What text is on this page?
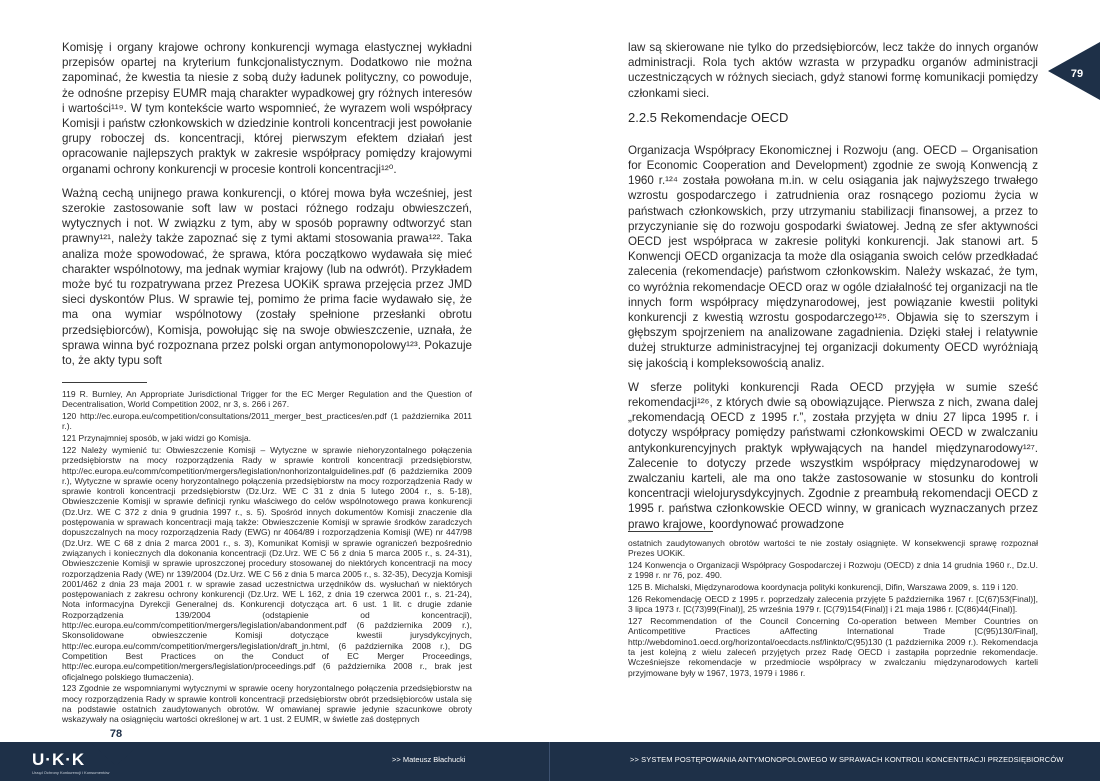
Komisję i organy krajowe ochrony konkurencji wymaga elastycznej wykładni przepisów opartej na kryterium funkcjonalistycznym. Dodatkowo nie można zapominać, że kwestia ta niesie z sobą duży ładunek polityczny, co powoduje, że odnośne przepisy EUMR mają charakter wypadkowej gry różnych interesów i wartości¹¹⁹. W tym kontekście warto wspomnieć, że wyrazem woli współpracy Komisji i państw członkowskich w dziedzinie kontroli koncentracji jest powołanie grupy roboczej ds. koncentracji, której pierwszym efektem działań jest opracowanie najlepszych praktyk w zakresie współpracy pomiędzy krajowymi organami ochrony konkurencji w procesie kontroli koncentracji¹²⁰.

Ważną cechą unijnego prawa konkurencji, o której mowa była wcześniej, jest szerokie zastosowanie soft law w postaci różnego rodzaju obwieszczeń, wytycznych i not. W związku z tym, aby w sposób poprawny odtworzyć stan prawny¹²¹, należy także zapoznać się z tymi aktami stosowania prawa¹²². Taka analiza może spowodować, że sprawa, która początkowo wydawała się mieć charakter wspólnotowy, ma jednak wymiar krajowy (lub na odwrót). Przykładem może być tu rozpatrywana przez Prezesa UOKiK sprawa przejęcia przez JMD sieci dyskontów Plus. W sprawie tej, pomimo że prima facie wydawało się, że ma ona wymiar wspólnotowy (zostały spełnione przesłanki obrotu przedsiębiorców), Komisja, powołując się na swoje obwieszczenie, uznała, że sprawa winna być rozpoznana przez polski organ antymonopolowy¹²³. Pokazuje to, że akty typu soft

119 R. Burnley, An Appropriate Jurisdictional Trigger for the EC Merger Regulation and the Question of Decentralisation, World Competition 2002, nr 3, s. 266 i 267.
120 http://ec.europa.eu/competition/consultations/2011_merger_best_practices/en.pdf (1 października 2011 r.).
121 Przynajmniej sposób, w jaki widzi go Komisja.
122 Należy wymienić tu: Obwieszczenie Komisji – Wytyczne w sprawie niehoryzontalnego połączenia przedsiębiorstw na mocy rozporządzenia Rady w sprawie kontroli koncentracji przedsiębiorstw, http://ec.europa.eu/comm/competition/mergers/legislation/nonhorizontalguidelines.pdf (6 października 2009 r.), Wytyczne w sprawie oceny horyzontalnego połączenia przedsiębiorstw na mocy rozporządzenia Rady w sprawie kontroli koncentracji przedsiębiorstw (Dz.Urz. WE C 31 z dnia 5 lutego 2004 r., s. 5-18), Obwieszczenie Komisji w sprawie definicji rynku właściwego do celów wspólnotowego prawa konkurencji (Dz.Urz. WE C 372 z dnia 9 grudnia 1997 r., s. 5). Spośród innych dokumentów Komisji znaczenie dla postępowania w sprawach koncentracji mają także: Obwieszczenie Komisji w sprawie środków zaradczych dopuszczalnych na mocy rozporządzenia Rady (EWG) nr 4064/89 i rozporządzenia Komisji (WE) nr 447/98 (Dz.Urz. WE C 68 z dnia 2 marca 2001 r., s. 3), Komunikat Komisji w sprawie ograniczeń bezpośrednio związanych i koniecznych dla dokonania koncentracji (Dz.Urz. WE C 56 z dnia 5 marca 2005 r., s. 24-31), Obwieszczenie Komisji w sprawie uproszczonej procedury stosowanej do niektórych koncentracji na mocy rozporządzenia Rady (WE) nr 139/2004 (Dz.Urz. WE C 56 z dnia 5 marca 2005 r., s. 32-35), Decyzja Komisji 2001/462 z dnia 23 maja 2001 r. w sprawie zasad uczestnictwa urzędników ds. wysłuchań w niektórych postępowaniach z zakresu ochrony konkurencji (Dz.Urz. WE L 162, z dnia 19 czerwca 2001 r., s. 21-24), Nota informacyjna Dyrekcji Generalnej ds. Konkurencji dotycząca art. 6 ust. 1 lit. c drugie zdanie Rozporządzenia 139/2004 (odstąpienie od koncentracji), http://ec.europa.eu/comm/competition/mergers/legislation/abandonment.pdf (6 października 2009 r.), Skonsolidowane obwieszczenie Komisji dotyczące kwestii jurysdykcyjnych, http://ec.europa.eu/comm/competition/mergers/legislation/draft_jn.html, (6 października 2008 r.), DG Competition Best Practices on the Conduct of EC Merger Proceedings, http://ec.europa.eu/competition/mergers/legislation/proceedings.pdf (6 października 2008 r., brak jest oficjalnego polskiego tłumaczenia).
123 Zgodnie ze wspomnianymi wytycznymi w sprawie oceny horyzontalnego połączenia przedsiębiorstw na mocy rozporządzenia Rady w sprawie kontroli koncentracji przedsiębiorstw obrót przedsiębiorców ustala się na podstawie ostatnich zaudytowanych obrotów. W omawianej sprawie jedynie szacunkowe obroty wskazywały na osiągnięciu wartości określonej w art. 1 ust. 2 EUMR, w świetle zaś dostępnych

law są skierowane nie tylko do przedsiębiorców, lecz także do innych organów administracji. Rola tych aktów wzrasta w przypadku organów administracji uczestniczących w różnych sieciach, gdyż stanowi formę komunikacji pomiędzy członkami sieci.

2.2.5 Rekomendacje OECD

Organizacja Współpracy Ekonomicznej i Rozwoju (ang. OECD – Organisation for Economic Cooperation and Development) zgodnie ze swoją Konwencją z 1960 r.¹²⁴ została powołana m.in. w celu osiągania jak najwyższego trwałego wzrostu gospodarczego i zatrudnienia oraz rosnącego poziomu życia w państwach członkowskich, przy utrzymaniu stabilizacji finansowej, a przez to przyczynianie się do rozwoju gospodarki światowej. Jedną ze sfer aktywności OECD jest współpraca w zakresie polityki konkurencji. Jak stanowi art. 5 Konwencji OECD organizacja ta może dla osiągania swoich celów przedkładać zalecenia (rekomendacje) państwom członkowskim. Należy wskazać, że tym, co wyróżnia rekomendacje OECD oraz w ogóle działalność tej organizacji na tle innych form współpracy międzynarodowej, jest powiązanie kwestii polityki konkurencji z kwestią wzrostu gospodarczego¹²⁵. Objawia się to szerszym i głębszym spojrzeniem na analizowane zagadnienia. Dzięki stałej i relatywnie dużej strukturze administracyjnej tej organizacji dokumenty OECD wyróżniają się jakością i kompleksowością analiz.

W sferze polityki konkurencji Rada OECD przyjęła w sumie sześć rekomendacji¹²⁶, z których dwie są obowiązujące. Pierwsza z nich, zwana dalej „rekomendacją OECD z 1995 r.”, została przyjęta w dniu 27 lipca 1995 r. i dotyczy współpracy pomiędzy państwami członkowskimi OECD w zwalczaniu antykonkurencyjnych praktyk wpływających na handel międzynarodowy¹²⁷. Zalecenie to dotyczy przede wszystkim współpracy międzynarodowej w zwalczaniu karteli, ale ma ono także zastosowanie w stosunku do kontroli koncentracji wielojurysdykcyjnych. Zgodnie z preambułą rekomendacji OECD z 1995 r. państwa członkowskie OECD winny, w granicach wyznaczanych przez prawo krajowe, koordynować prowadzone

ostatnich zaudytowanych obrotów wartości te nie zostały osiągnięte. W konsekwencji sprawę rozpoznał Prezes UOKiK.
124 Konwencja o Organizacji Współpracy Gospodarczej i Rozwoju (OECD) z dnia 14 grudnia 1960 r., Dz.U. z 1998 r. nr 76, poz. 490.
125 B. Michalski, Międzynarodowa koordynacja polityki konkurencji, Difin, Warszawa 2009, s. 119 i 120.
126 Rekomendację OECD z 1995 r. poprzedzały zalecenia przyjęte 5 października 1967 r. [C(67)53(Final)], 3 lipca 1973 r. [C(73)99(Final)], 25 września 1979 r. [C(79)154(Final)] i 21 maja 1986 r. [C(86)44(Final)].
127 Recommendation of the Council Concerning Co-operation between Member Countries on Anticompetitive Practices aAffecting International Trade [C(95)130/Final], http://webdomino1.oecd.org/horizontal/oecdacts.nsf/linkto/C(95)130 (1 października 2009 r.). Rekomendacja ta jest kolejną z wielu zaleceń przyjętych przez Radę OECD i zastąpiła poprzednie rekomendacje. Wcześniejsze rekomendacje w przedmiocie współpracy w zwalczaniu międzynarodowych karteli przyjmowane były w 1967, 1973, 1979 i 1986 r.
79
U·K·K
Urząd Ochrony Konkurencji i Konsumentów
78
>> Mateusz Błachucki	>> SYSTEM POSTĘPOWANIA ANTYMONOPOLOWEGO W SPRAWACH KONTROLI KONCENTRACJI PRZEDSIĘBIORCÓW
